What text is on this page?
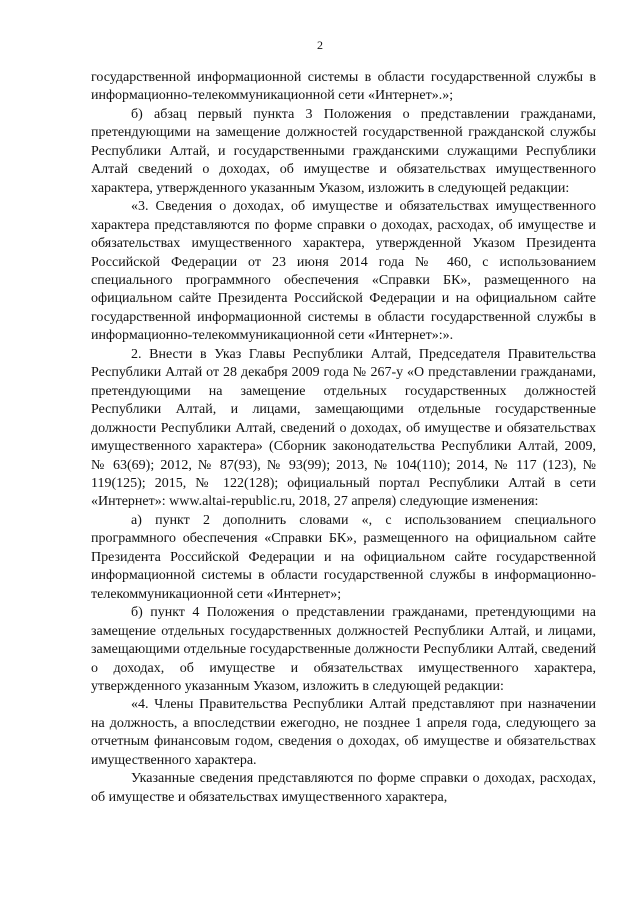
2

государственной информационной системы в области государственной службы в информационно-телекоммуникационной сети «Интернет».»;

б) абзац первый пункта 3 Положения о представлении гражданами, претендующими на замещение должностей государственной гражданской службы Республики Алтай, и государственными гражданскими служащими Республики Алтай сведений о доходах, об имуществе и обязательствах имущественного характера, утвержденного указанным Указом, изложить в следующей редакции:

«3. Сведения о доходах, об имуществе и обязательствах имущественного характера представляются по форме справки о доходах, расходах, об имуществе и обязательствах имущественного характера, утвержденной Указом Президента Российской Федерации от 23 июня 2014 года № 460, с использованием специального программного обеспечения «Справки БК», размещенного на официальном сайте Президента Российской Федерации и на официальном сайте государственной информационной системы в области государственной службы в информационно-телекоммуникационной сети «Интернет»:».

2. Внести в Указ Главы Республики Алтай, Председателя Правительства Республики Алтай от 28 декабря 2009 года № 267-у «О представлении гражданами, претендующими на замещение отдельных государственных должностей Республики Алтай, и лицами, замещающими отдельные государственные должности Республики Алтай, сведений о доходах, об имуществе и обязательствах имущественного характера» (Сборник законодательства Республики Алтай, 2009, № 63(69); 2012, № 87(93), № 93(99); 2013, № 104(110); 2014, № 117 (123), № 119(125); 2015, № 122(128); официальный портал Республики Алтай в сети «Интернет»: www.altai-republic.ru, 2018, 27 апреля) следующие изменения:

а) пункт 2 дополнить словами «, с использованием специального программного обеспечения «Справки БК», размещенного на официальном сайте Президента Российской Федерации и на официальном сайте государственной информационной системы в области государственной службы в информационно-телекоммуникационной сети «Интернет»;

б) пункт 4 Положения о представлении гражданами, претендующими на замещение отдельных государственных должностей Республики Алтай, и лицами, замещающими отдельные государственные должности Республики Алтай, сведений о доходах, об имуществе и обязательствах имущественного характера, утвержденного указанным Указом, изложить в следующей редакции:

«4. Члены Правительства Республики Алтай представляют при назначении на должность, а впоследствии ежегодно, не позднее 1 апреля года, следующего за отчетным финансовым годом, сведения о доходах, об имуществе и обязательствах имущественного характера.

Указанные сведения представляются по форме справки о доходах, расходах, об имуществе и обязательствах имущественного характера,
